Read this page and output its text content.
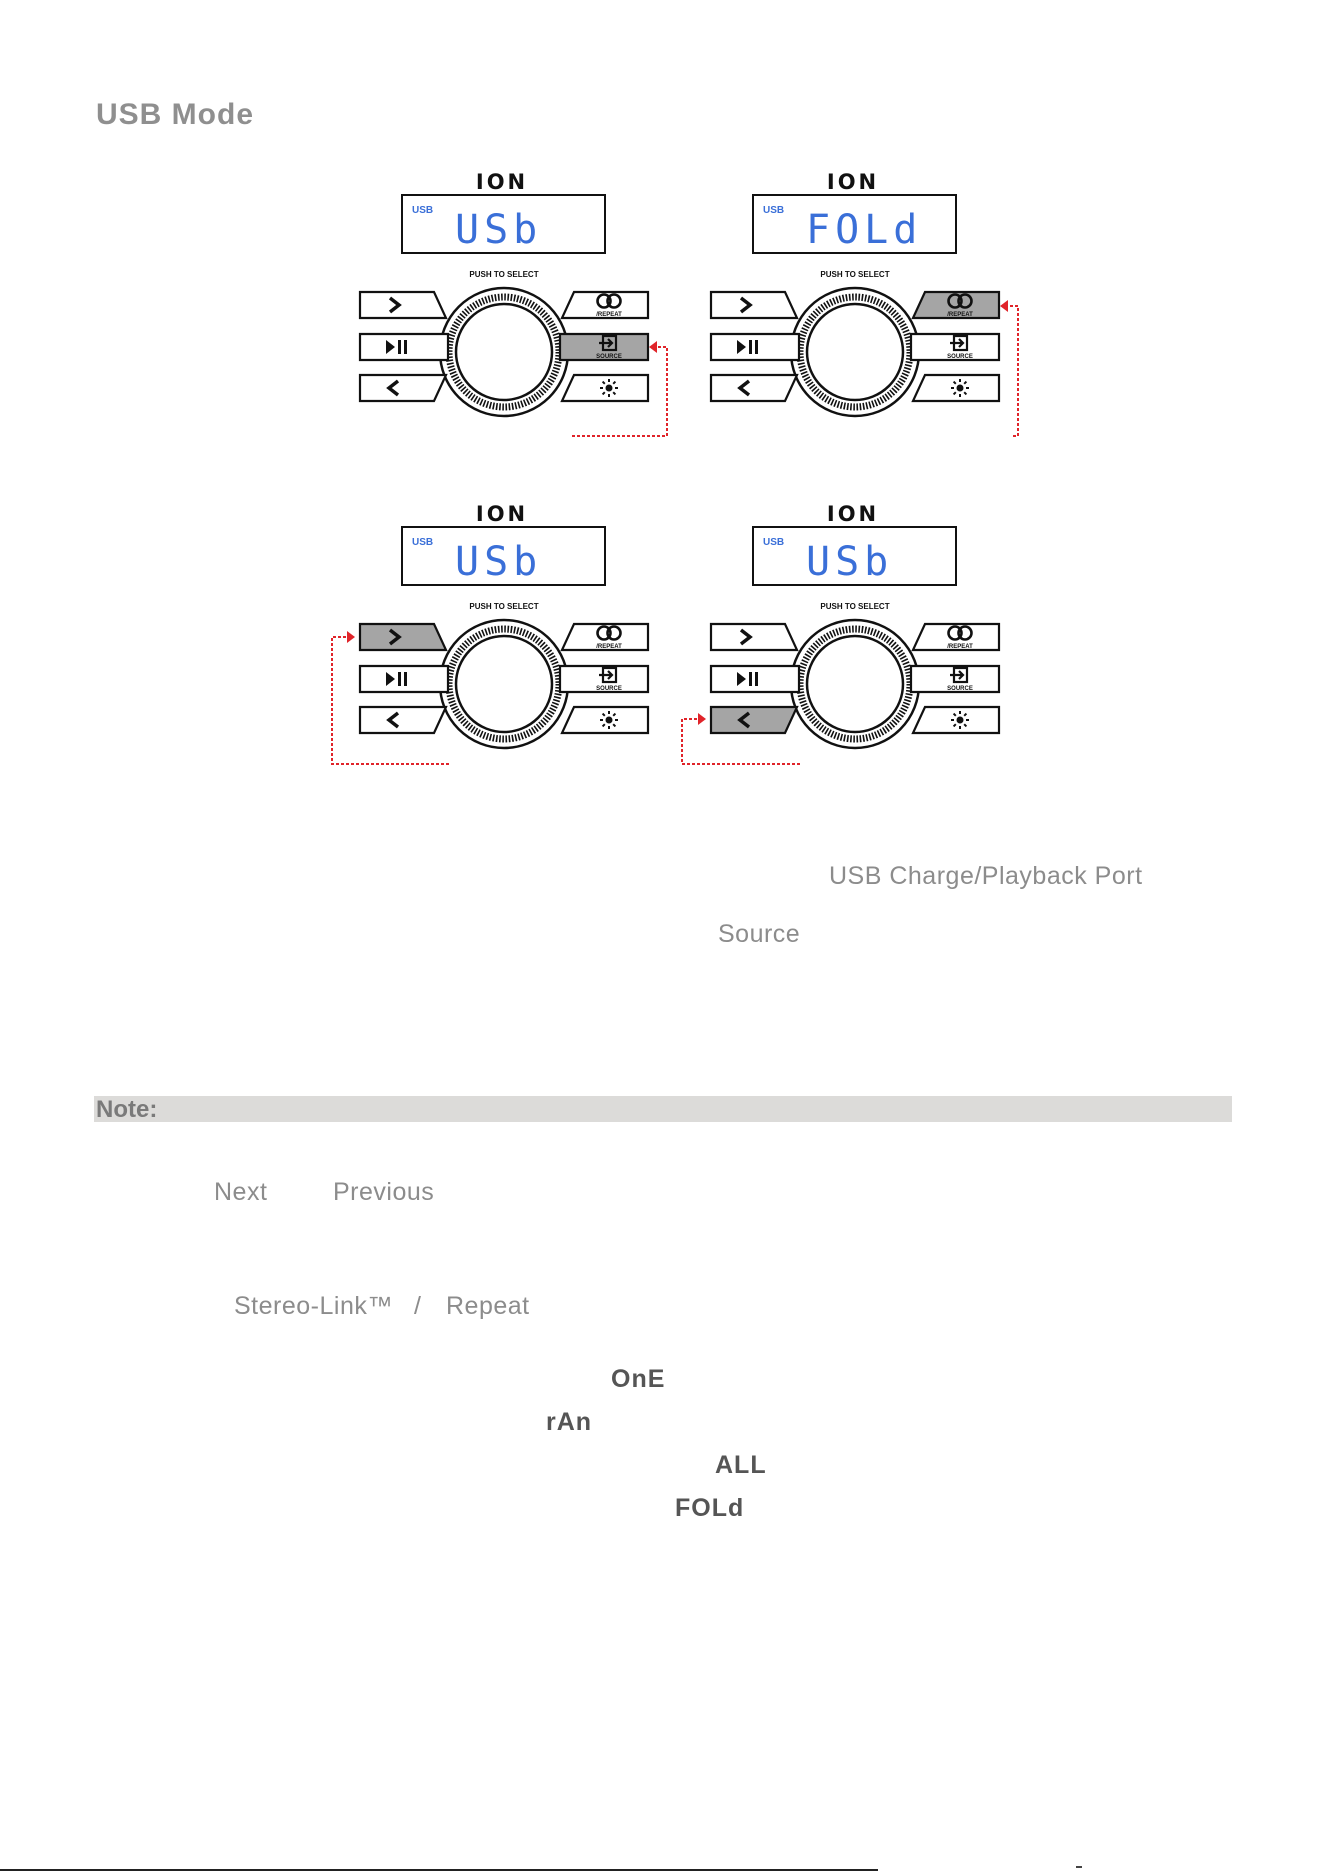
USB Mode
ION
USB USb
PUSH TO SELECT
/REPEAT
SOURCE
ION
USB FOLd
PUSH TO SELECT
/REPEAT
SOURCE
ION
USB USb
PUSH TO SELECT
/REPEAT
SOURCE
ION
USB USb
PUSH TO SELECT
/REPEAT
SOURCE
USB Charge/Playback Port
Source
Note:
Next	Previous
Stereo-Link™ / Repeat
OnE
rAn
ALL
FOLd
